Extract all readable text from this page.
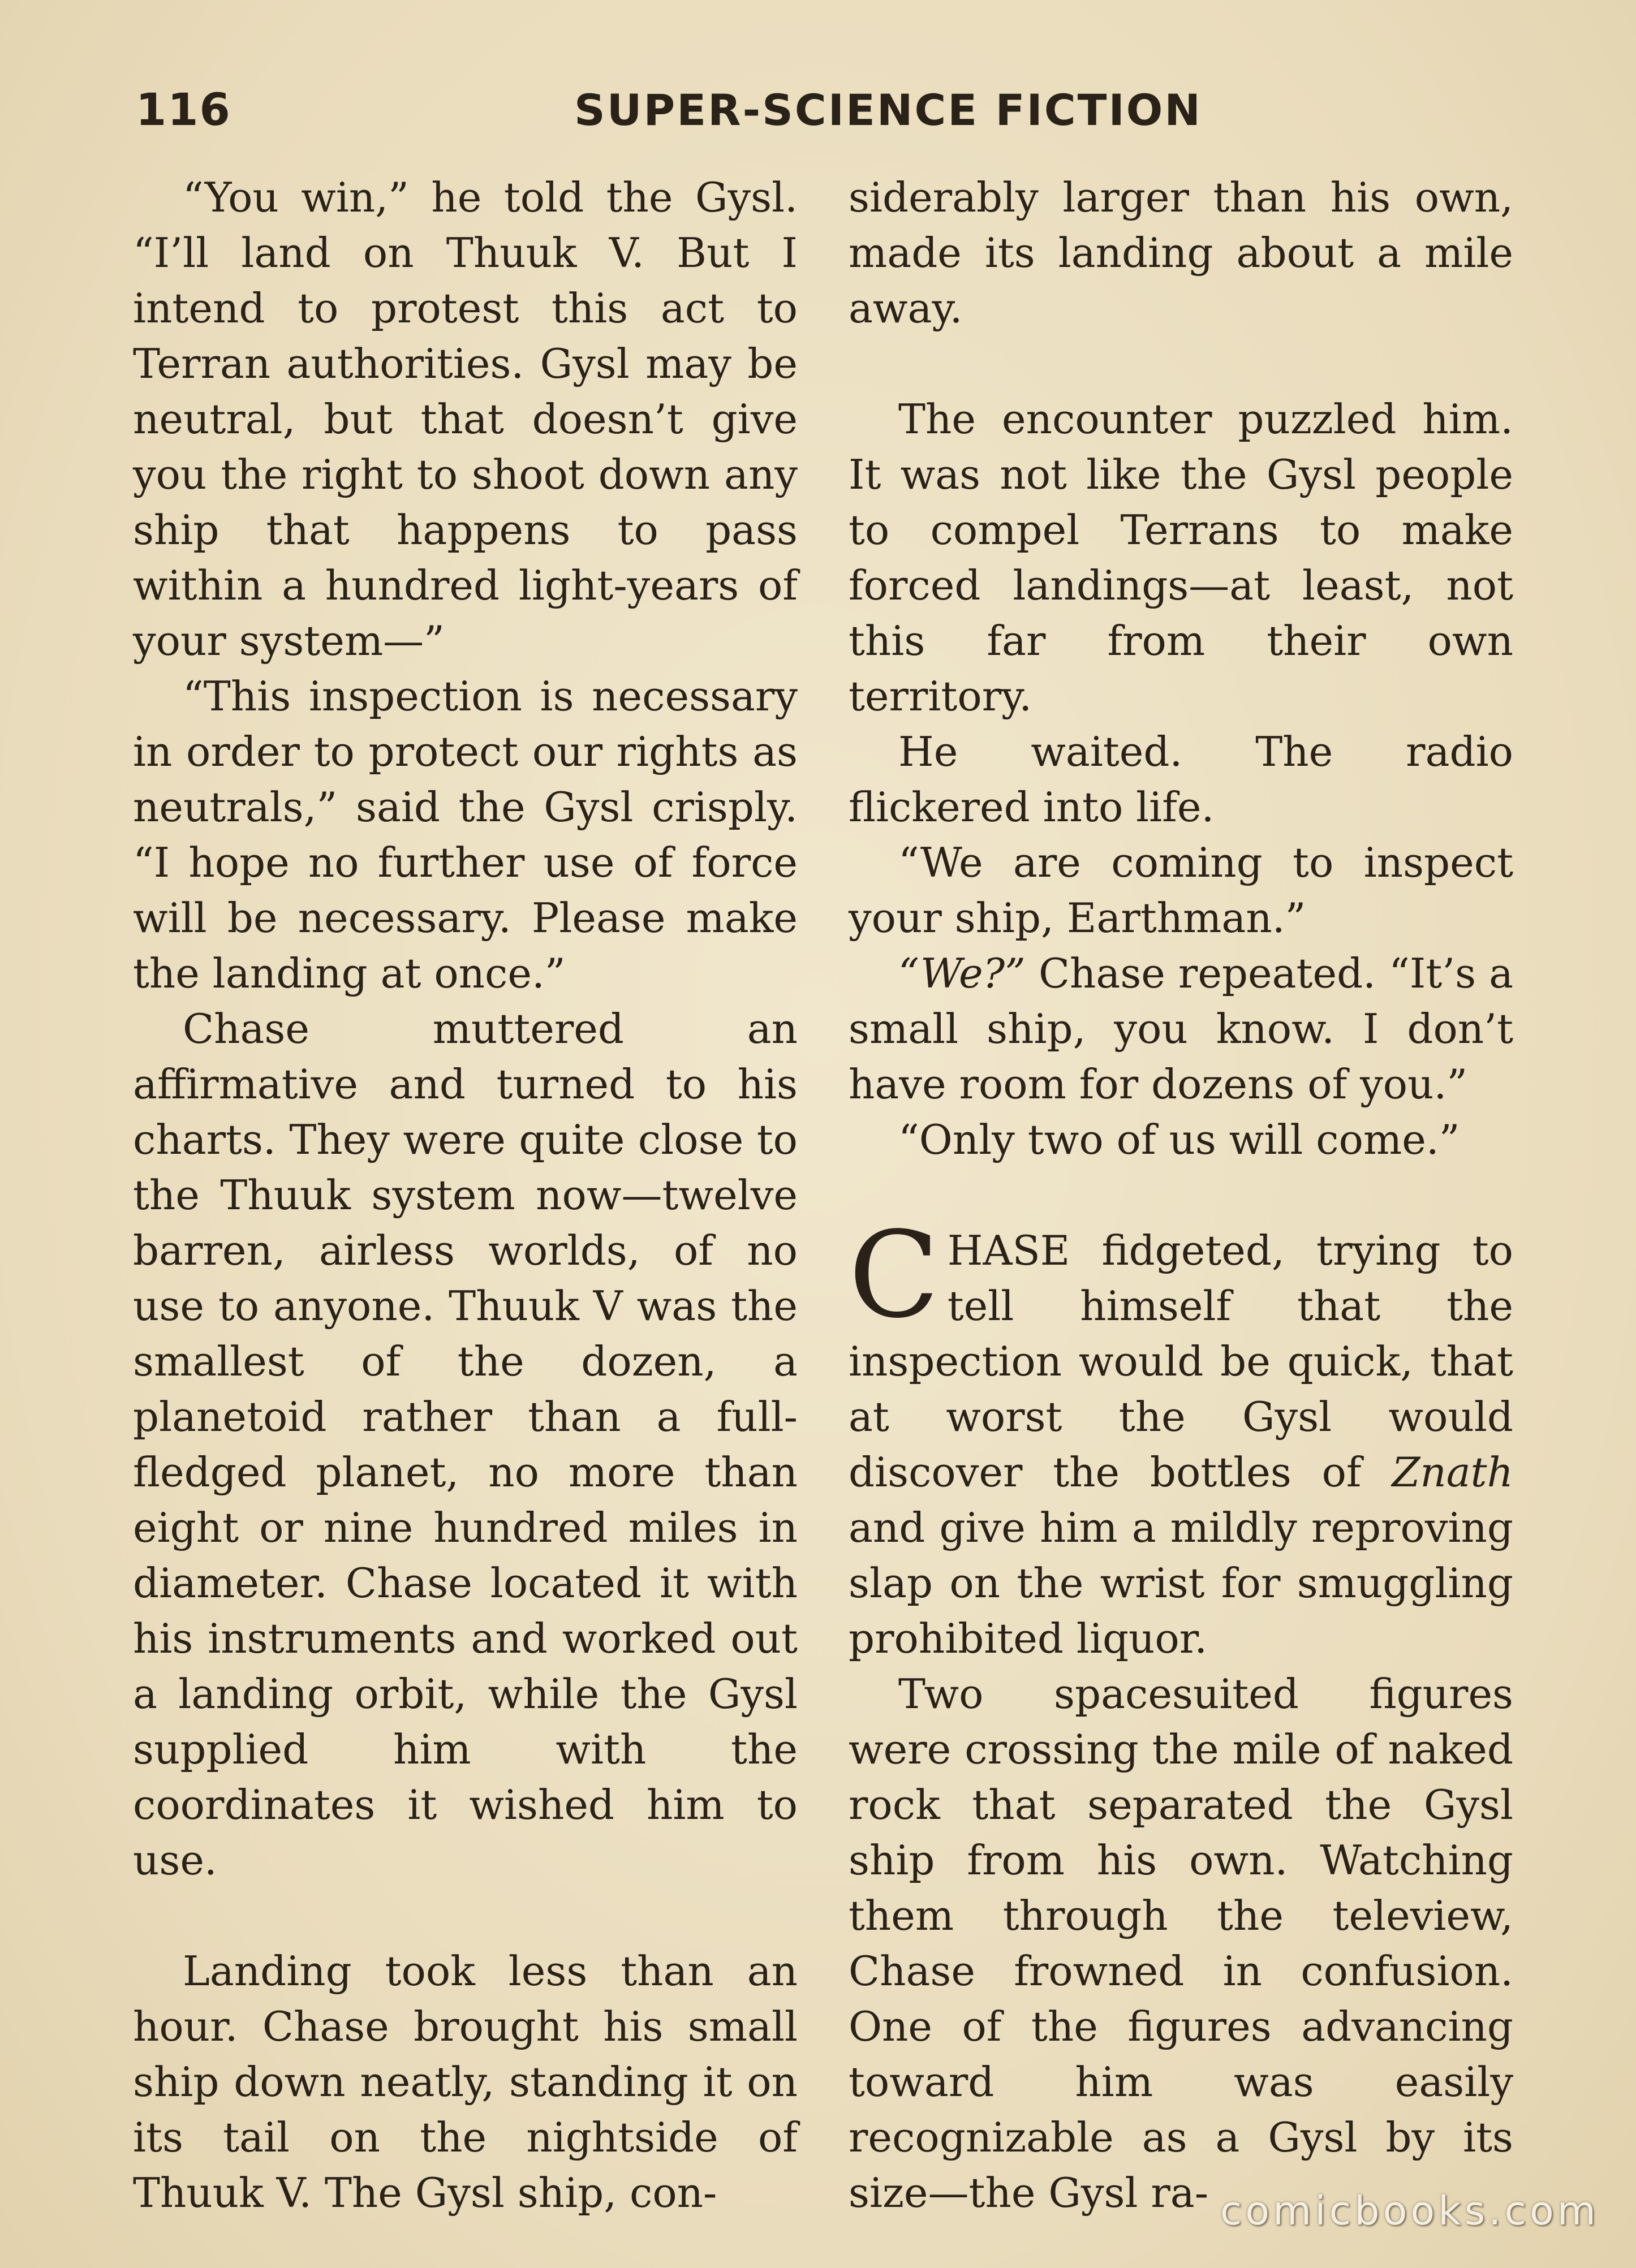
116	SUPER-SCIENCE FICTION

“You win,” he told the Gysl. “I’ll land on Thuuk V. But I intend to protest this act to Terran authorities. Gysl may be neutral, but that doesn’t give you the right to shoot down any ship that happens to pass within a hundred light-years of your system—”

“This inspection is necessary in order to protect our rights as neutrals,” said the Gysl crisply. “I hope no further use of force will be necessary. Please make the landing at once.”

Chase muttered an affirmative and turned to his charts. They were quite close to the Thuuk system now—twelve barren, airless worlds, of no use to anyone. Thuuk V was the smallest of the dozen, a planetoid rather than a full-fledged planet, no more than eight or nine hundred miles in diameter. Chase located it with his instruments and worked out a landing orbit, while the Gysl supplied him with the coordinates it wished him to use.

Landing took less than an hour. Chase brought his small ship down neatly, standing it on its tail on the nightside of Thuuk V. The Gysl ship, con-

siderably larger than his own, made its landing about a mile away.

The encounter puzzled him. It was not like the Gysl people to compel Terrans to make forced landings—at least, not this far from their own territory.

He waited. The radio flickered into life.

“We are coming to inspect your ship, Earthman.”

“We?” Chase repeated. “It’s a small ship, you know. I don’t have room for dozens of you.”

“Only two of us will come.”

CHASE fidgeted, trying to tell himself that the inspection would be quick, that at worst the Gysl would discover the bottles of Znath and give him a mildly reproving slap on the wrist for smuggling prohibited liquor.

Two spacesuited figures were crossing the mile of naked rock that separated the Gysl ship from his own. Watching them through the teleview, Chase frowned in confusion. One of the figures advancing toward him was easily recognizable as a Gysl by its size—the Gysl ra- comicbooks.com
